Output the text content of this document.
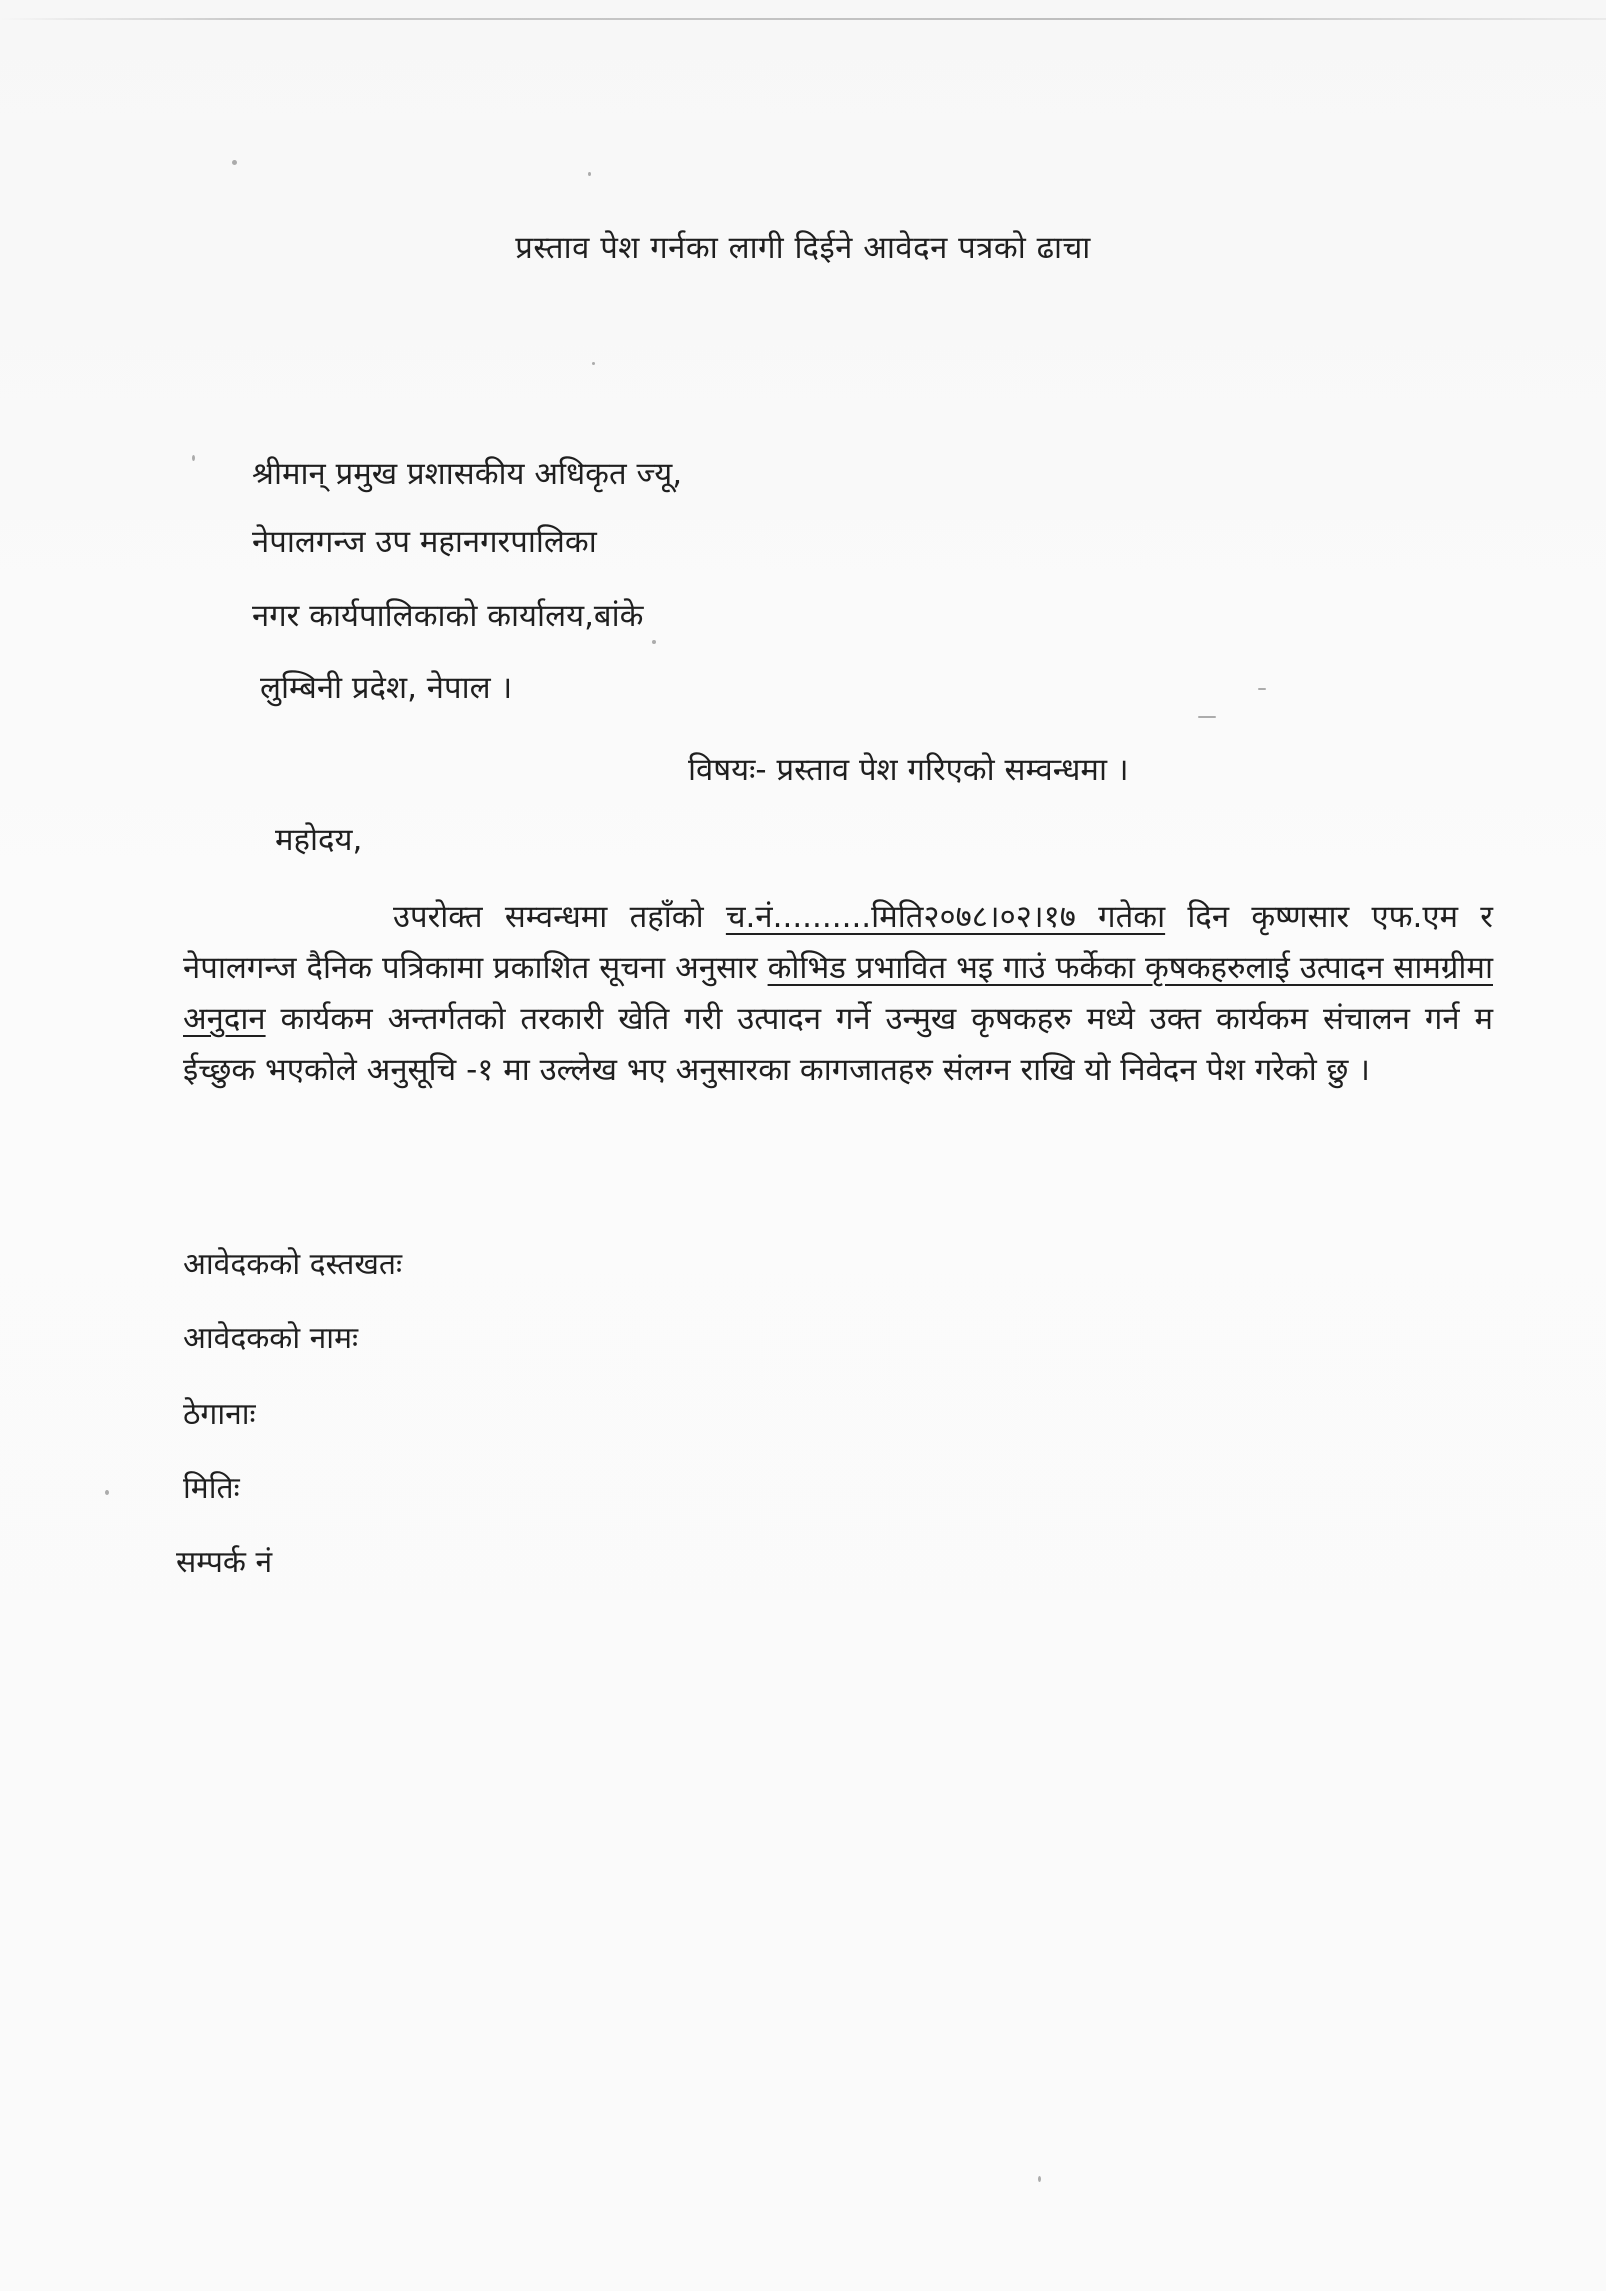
प्रस्ताव पेश गर्नका लागी दिईने आवेदन पत्रको ढाचा
श्रीमान् प्रमुख प्रशासकीय अधिकृत ज्यू,
नेपालगन्ज उप महानगरपालिका
नगर कार्यपालिकाको कार्यालय,बांके
लुम्बिनी प्रदेश, नेपाल ।
विषयः- प्रस्ताव पेश गरिएको सम्वन्धमा ।
महोदय,
उपरोक्त सम्वन्धमा तहाँको च.नं..........मिति२०७८।०२।१७ गतेका दिन कृष्णसार एफ.एम र नेपालगन्ज दैनिक पत्रिकामा प्रकाशित सूचना अनुसार कोभिड प्रभावित भइ गाउं फर्केका कृषकहरुलाई उत्पादन सामग्रीमा अनुदान कार्यकम अन्तर्गतको तरकारी खेति गरी उत्पादन गर्ने उन्मुख कृषकहरु मध्ये उक्त कार्यकम संचालन गर्न म ईच्छुक भएकोले अनुसूचि -१ मा उल्लेख भए अनुसारका कागजातहरु संलग्न राखि यो निवेदन पेश गरेको छु ।
आवेदकको दस्तखतः
आवेदकको नामः
ठेगानाः
मितिः
सम्पर्क नं
